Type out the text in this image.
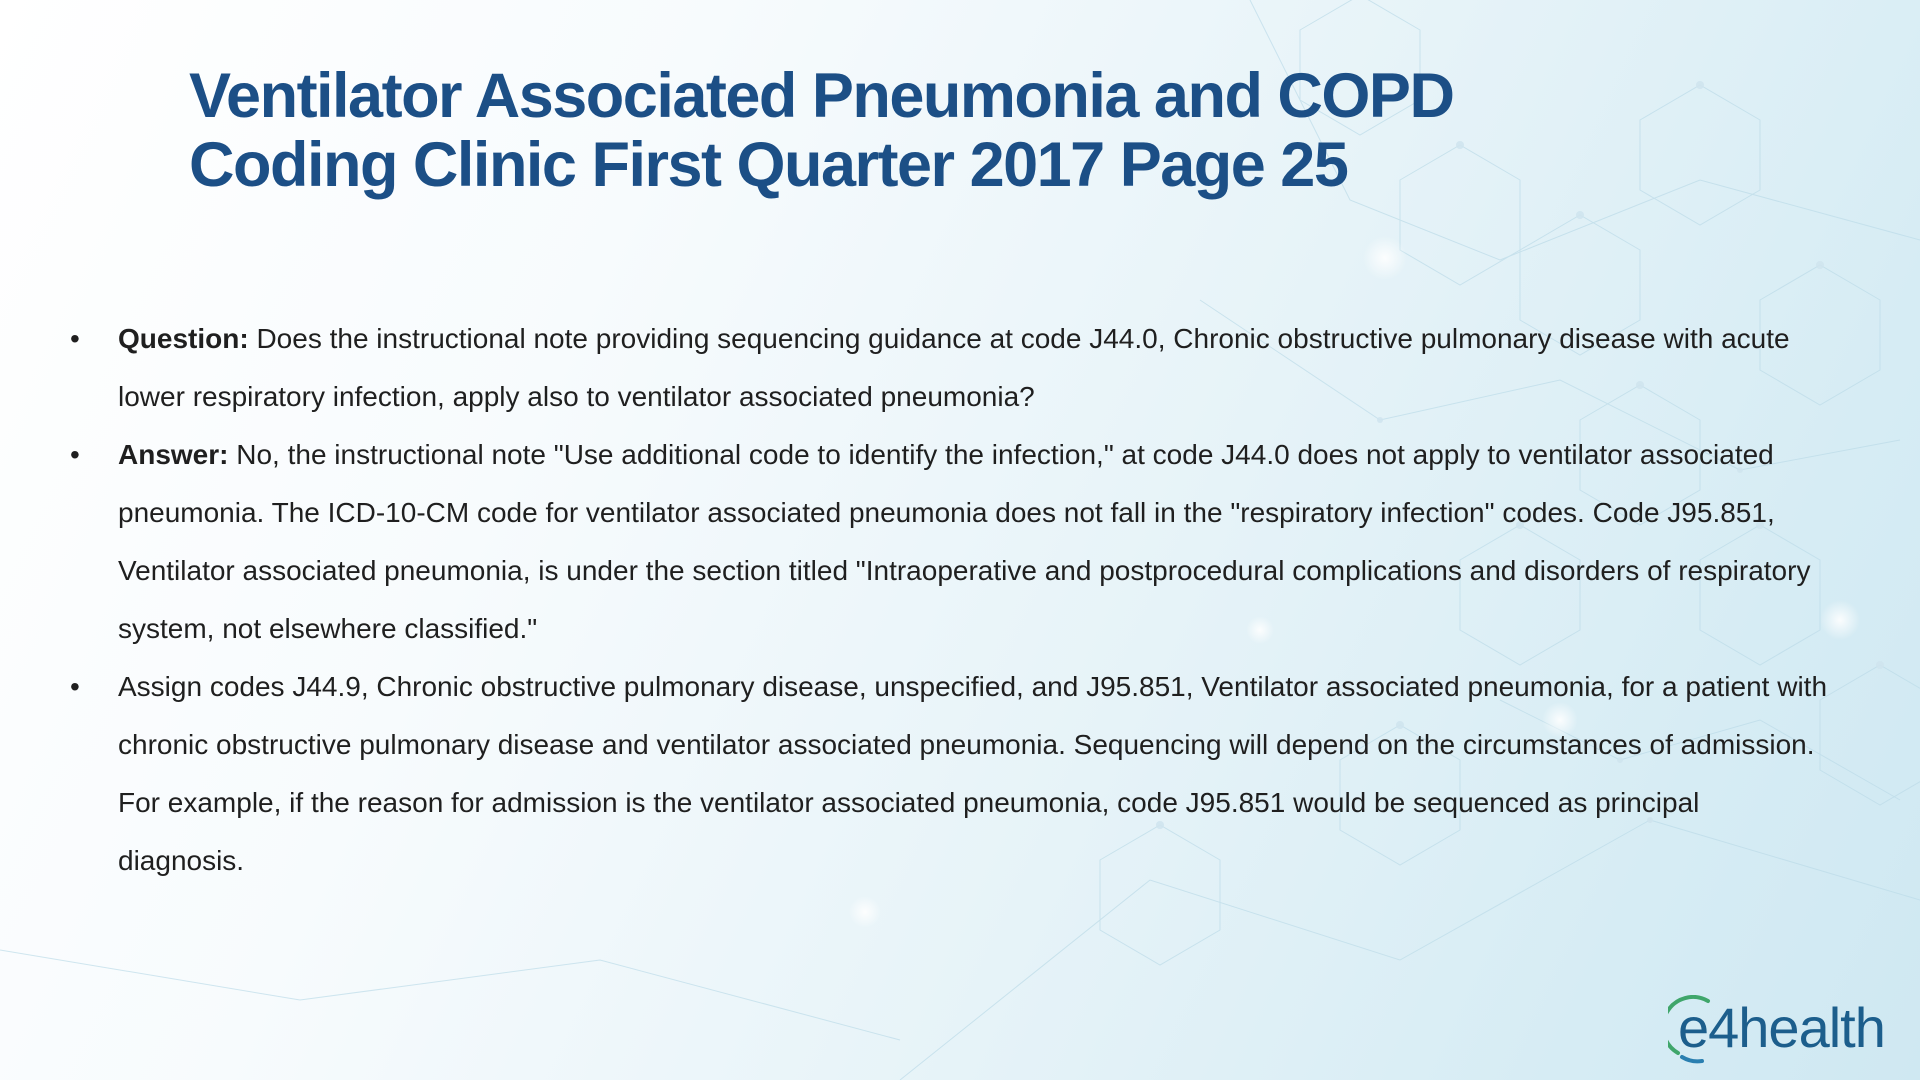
Ventilator Associated Pneumonia and COPD
Coding Clinic First Quarter 2017 Page 25
•	Question: Does the instructional note providing sequencing guidance at code J44.0, Chronic obstructive pulmonary disease with acute lower respiratory infection, apply also to ventilator associated pneumonia?
•	Answer: No, the instructional note "Use additional code to identify the infection," at code J44.0 does not apply to ventilator associated pneumonia. The ICD-10-CM code for ventilator associated pneumonia does not fall in the "respiratory infection" codes. Code J95.851, Ventilator associated pneumonia, is under the section titled "Intraoperative and postprocedural complications and disorders of respiratory system, not elsewhere classified."
•	Assign codes J44.9, Chronic obstructive pulmonary disease, unspecified, and J95.851, Ventilator associated pneumonia, for a patient with chronic obstructive pulmonary disease and ventilator associated pneumonia. Sequencing will depend on the circumstances of admission. For example, if the reason for admission is the ventilator associated pneumonia, code J95.851 would be sequenced as principal diagnosis.
e4health
